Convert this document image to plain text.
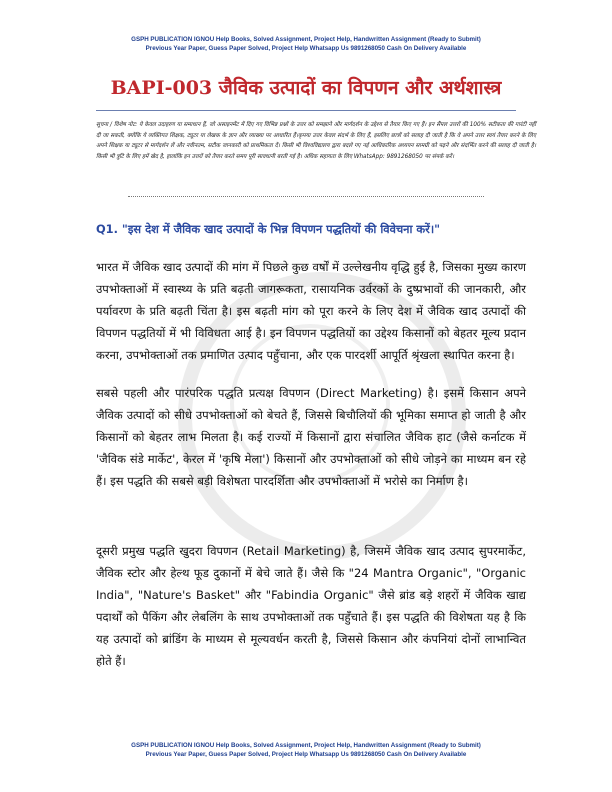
GSPH PUBLICATION IGNOU Help Books, Solved Assignment, Project Help, Handwritten Assignment (Ready to Submit)
Previous Year Paper, Guess Paper Solved, Project Help Whatsapp Us 9891268050 Cash On Delivery Available
BAPI-003 जैविक उत्पादों का विपणन और अर्थशास्त्र
सूचना / विशेष नोट: ये केवल उदाहरण या समाधान हैं, जो असाइनमेंट में दिए गए विभिन्न प्रश्नों के उत्तर को समझाने और मार्गदर्शन के उद्देश्य से तैयार किए गए हैं। इन सैंपल उत्तरों की 100% सटीकता की गारंटी नहीं दी जा सकती, क्योंकि ये व्यक्तिगत शिक्षक, ट्यूटर या लेखक के ज्ञान और व्याख्या पर आधारित हैं।कृपया उत्तर केवल संदर्भ के लिए हैं, इसलिए छात्रों को सलाह दी जाती है कि वे अपने उत्तर स्वयं तैयार करने के लिए अपने शिक्षक या ट्यूटर से मार्गदर्शन लें और नवीनतम, सटीक जानकारी को प्राथमिकता दें। किसी भी विश्वविद्यालय द्वारा बदले गए नई आधिकारिक अध्ययन सामग्री को पढ़ने और संदर्भित करने की सलाह दी जाती है। किसी भी त्रुटि के लिए हमें खेद है, हालांकि इन उत्तरों को तैयार करते समय पूरी सावधानी बरती गई है। अधिक सहायता के लिए WhatsApp: 9891268050 पर संपर्क करें।
Q1. "इस देश में जैविक खाद उत्पादों के भिन्न विपणन पद्धतियों की विवेचना करें।"

भारत में जैविक खाद उत्पादों की मांग में पिछले कुछ वर्षों में उल्लेखनीय वृद्धि हुई है, जिसका मुख्य कारण उपभोक्ताओं में स्वास्थ्य के प्रति बढ़ती जागरूकता, रासायनिक उर्वरकों के दुष्प्रभावों की जानकारी, और पर्यावरण के प्रति बढ़ती चिंता है। इस बढ़ती मांग को पूरा करने के लिए देश में जैविक खाद उत्पादों की विपणन पद्धतियों में भी विविधता आई है। इन विपणन पद्धतियों का उद्देश्य किसानों को बेहतर मूल्य प्रदान करना, उपभोक्ताओं तक प्रमाणित उत्पाद पहुँचाना, और एक पारदर्शी आपूर्ति श्रृंखला स्थापित करना है।

सबसे पहली और पारंपरिक पद्धति प्रत्यक्ष विपणन (Direct Marketing) है। इसमें किसान अपने जैविक उत्पादों को सीधे उपभोक्ताओं को बेचते हैं, जिससे बिचौलियों की भूमिका समाप्त हो जाती है और किसानों को बेहतर लाभ मिलता है। कई राज्यों में किसानों द्वारा संचालित जैविक हाट (जैसे कर्नाटक में 'जैविक संडे मार्केट', केरल में 'कृषि मेला') किसानों और उपभोक्ताओं को सीधे जोड़ने का माध्यम बन रहे हैं। इस पद्धति की सबसे बड़ी विशेषता पारदर्शिता और उपभोक्ताओं में भरोसे का निर्माण है।

दूसरी प्रमुख पद्धति खुदरा विपणन (Retail Marketing) है, जिसमें जैविक खाद उत्पाद सुपरमार्केट, जैविक स्टोर और हेल्थ फूड दुकानों में बेचे जाते हैं। जैसे कि "24 Mantra Organic", "Organic India", "Nature's Basket" और "Fabindia Organic" जैसे ब्रांड बड़े शहरों में जैविक खाद्य पदार्थों को पैकिंग और लेबलिंग के साथ उपभोक्ताओं तक पहुँचाते हैं। इस पद्धति की विशेषता यह है कि यह उत्पादों को ब्रांडिंग के माध्यम से मूल्यवर्धन करती है, जिससे किसान और कंपनियां दोनों लाभान्वित होते हैं।

GSPH PUBLICATION IGNOU Help Books, Solved Assignment, Project Help, Handwritten Assignment (Ready to Submit)
Previous Year Paper, Guess Paper Solved, Project Help Whatsapp Us 9891268050 Cash On Delivery Available
